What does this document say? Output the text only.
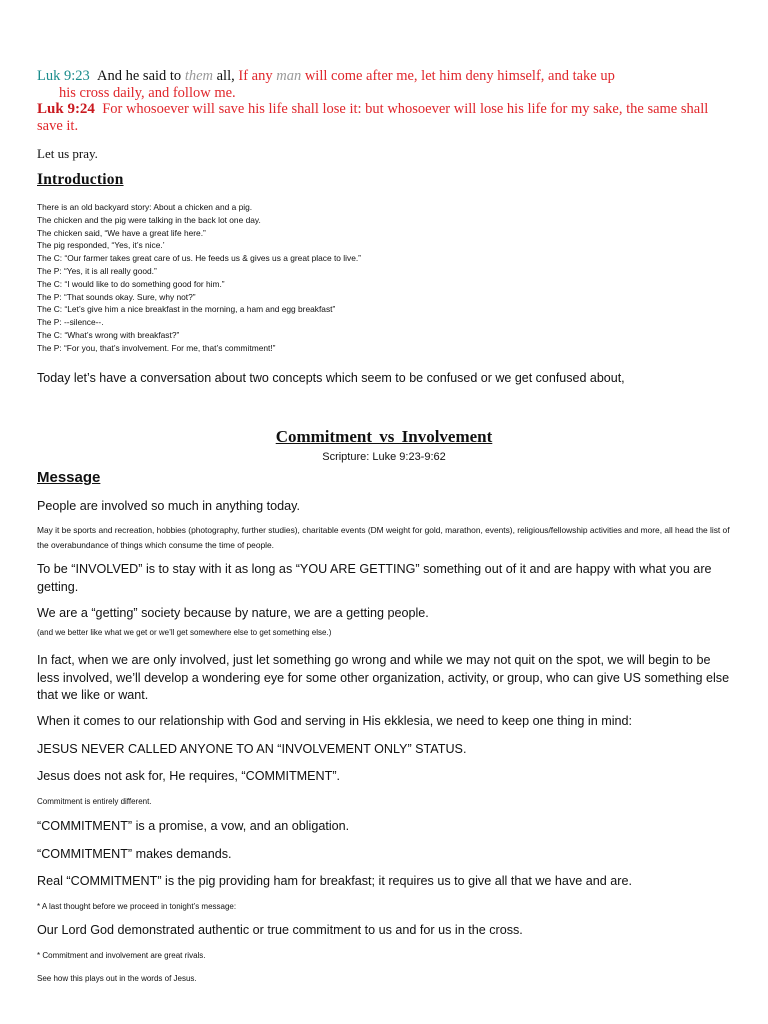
Luk 9:23 And he said to them all, If any man will come after me, let him deny himself, and take up
his cross daily, and follow me.

Luk 9:24 For whosoever will save his life shall lose it: but whosoever will lose his life for my sake, the same shall save it.

Let us pray.
Introduction
There is an old backyard story: About a chicken and a pig.
The chicken and the pig were talking in the back lot one day.
The chicken said, “We have a great life here.”
The pig responded, “Yes, it’s nice.’
The C: “Our farmer takes great care of us. He feeds us & gives us a great place to live.”
The P: “Yes, it is all really good.”
The C: “I would like to do something good for him.”
The P: “That sounds okay. Sure, why not?”
The C: “Let’s give him a nice breakfast in the morning, a ham and egg breakfast”
The P: --silence--.
The C: “What’s wrong with breakfast?”
The P: “For you, that’s involvement. For me, that’s commitment!”
Today let’s have a conversation about two concepts which seem to be confused or we get confused about,
Commitment vs Involvement
Scripture: Luke 9:23-9:62
Message

People are involved so much in anything today.

May it be sports and recreation, hobbies (photography, further studies), charitable events (DM weight for gold, marathon, events), religious/fellowship activities and more, all head the list of the overabundance of things which consume the time of people.

To be “INVOLVED” is to stay with it as long as “YOU ARE GETTING” something out of it and are happy with what you are getting.

We are a “getting” society because by nature, we are a getting people.

(and we better like what we get or we’ll get somewhere else to get something else.)

In fact, when we are only involved, just let something go wrong and while we may not quit on the spot, we will begin to be less involved, we’ll develop a wondering eye for some other organization, activity, or group, who can give US something else that we like or want.

When it comes to our relationship with God and serving in His ekklesia, we need to keep one thing in mind:

JESUS NEVER CALLED ANYONE TO AN “INVOLVEMENT ONLY” STATUS.

Jesus does not ask for, He requires, “COMMITMENT”.

Commitment is entirely different.

“COMMITMENT” is a promise, a vow, and an obligation.

“COMMITMENT” makes demands.

Real “COMMITMENT” is the pig providing ham for breakfast; it requires us to give all that we have and are.

* A last thought before we proceed in tonight’s message:

Our Lord God demonstrated authentic or true commitment to us and for us in the cross.

* Commitment and involvement are great rivals.

See how this plays out in the words of Jesus.
